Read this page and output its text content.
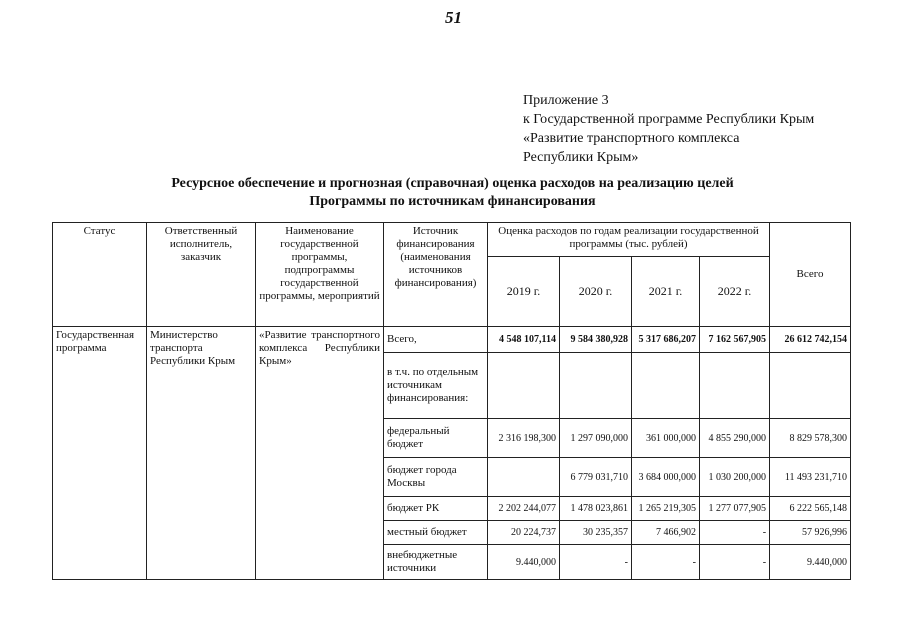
51
Приложение 3
к Государственной программе Республики Крым
«Развитие транспортного комплекса
Республики Крым»
Ресурсное обеспечение и прогнозная (справочная) оценка расходов на реализацию целей
Программы по источникам финансирования
Статус	Ответственный исполнитель, заказчик	Наименование государственной программы, подпрограммы государственной программы, мероприятий	Источник финансирования (наименования источников финансирования)	Оценка расходов по годам реализации государственной программы (тыс. рублей)				Всего
				2019 г.	2020 г.	2021 г.	2022 г.	
Государственная программа	Министерство транспорта Республики Крым	«Развитие транспортного комплекса Республики Крым»	Всего,	4 548 107,114	9 584 380,928	5 317 686,207	7 162 567,905	26 612 742,154
			в т.ч. по отдельным источникам финансирования:					
			федеральный бюджет	2 316 198,300	1 297 090,000	361 000,000	4 855 290,000	8 829 578,300
			бюджет города Москвы		6 779 031,710	3 684 000,000	1 030 200,000	11 493 231,710
			бюджет РК	2 202 244,077	1 478 023,861	1 265 219,305	1 277 077,905	6 222 565,148
			местный бюджет	20 224,737	30 235,357	7 466,902	-	57 926,996
			внебюджетные источники	9.440,000	-	-	-	9.440,000
